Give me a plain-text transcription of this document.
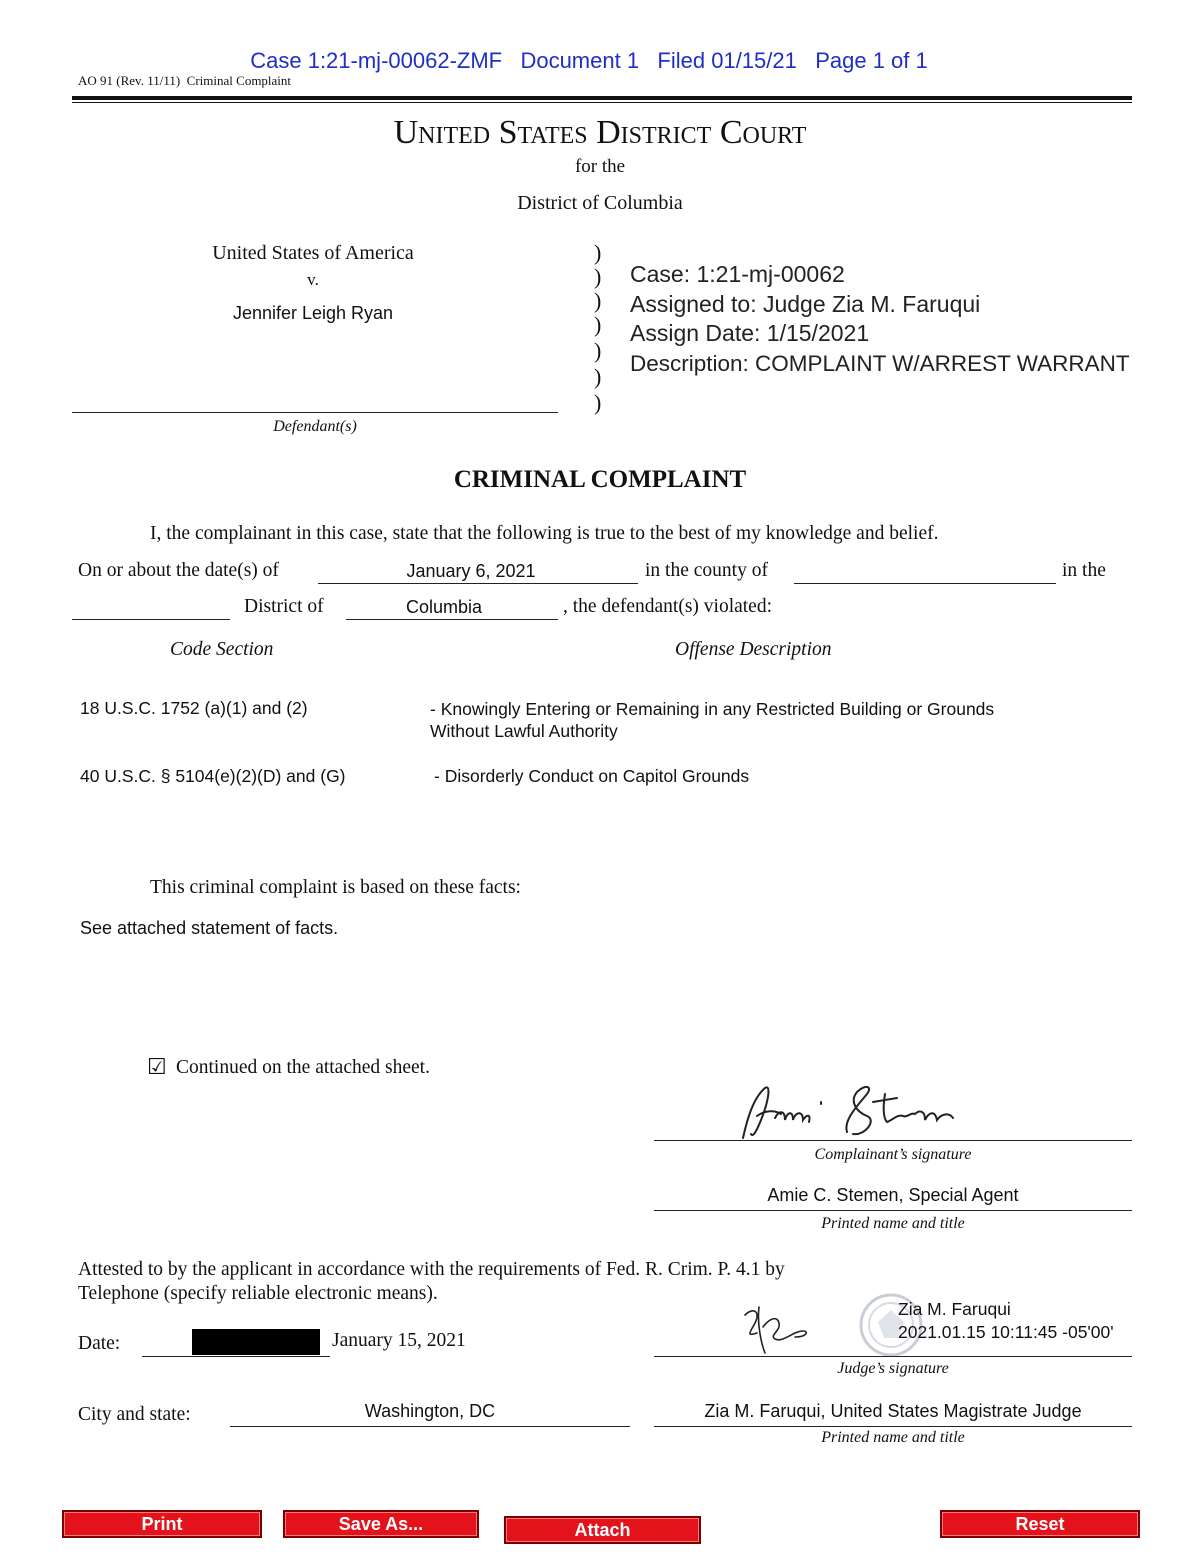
Case 1:21-mj-00062-ZMF Document 1 Filed 01/15/21 Page 1 of 1

AO 91 (Rev. 11/11)  Criminal Complaint
United States District Court
for the
District of Columbia
United States of America
v.
Jennifer Leigh Ryan
Defendant(s)
)
)
)
)
)
)
)
Case: 1:21-mj-00062
Assigned to: Judge Zia M. Faruqui
Assign Date: 1/15/2021
Description: COMPLAINT W/ARREST WARRANT
CRIMINAL COMPLAINT
I, the complainant in this case, state that the following is true to the best of my knowledge and belief.
On or about the date(s) of	January 6, 2021	in the county of	in the
District of	Columbia	, the defendant(s) violated:
Code Section	Offense Description
18 U.S.C. 1752 (a)(1) and (2)	- Knowingly Entering or Remaining in any Restricted Building or Grounds
Without Lawful Authority
40 U.S.C. § 5104(e)(2)(D) and (G)	- Disorderly Conduct on Capitol Grounds
This criminal complaint is based on these facts:
See attached statement of facts.
☑ Continued on the attached sheet.
Amie Stemen
Complainant’s signature
Amie C. Stemen, Special Agent
Printed name and title
Attested to by the applicant in accordance with the requirements of Fed. R. Crim. P. 4.1 by
Telephone (specify reliable electronic means).
Date:	January 15, 2021
Zia M. Faruqui
2021.01.15 10:11:45 -05'00'
Judge’s signature
City and state:	Washington, DC	Zia M. Faruqui, United States Magistrate Judge
Printed name and title
Print	Save As...	Attach	Reset
